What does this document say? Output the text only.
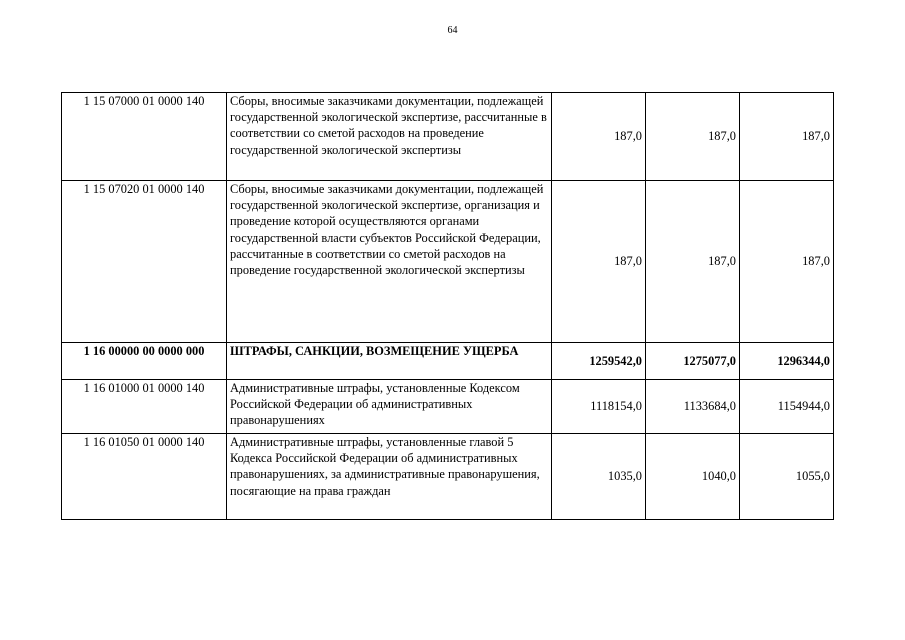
64
1 15 07000 01 0000 140	Сборы, вносимые заказчиками документации, подлежащей государственной экологической экспертизе, рассчитанные в соответствии со сметой расходов на проведение государственной экологической экспертизы	187,0	187,0	187,0
1 15 07020 01 0000 140	Сборы, вносимые заказчиками документации, подлежащей государственной экологической экспертизе, организация и проведение которой осуществляются органами государственной власти субъектов Российской Федерации, рассчитанные в соответствии со сметой расходов на проведение государственной экологической экспертизы	187,0	187,0	187,0
1 16 00000 00 0000 000	ШТРАФЫ, САНКЦИИ, ВОЗМЕЩЕНИЕ УЩЕРБА	1259542,0	1275077,0	1296344,0
1 16 01000 01 0000 140	Административные штрафы, установленные Кодексом Российской Федерации об административных правонарушениях	1118154,0	1133684,0	1154944,0
1 16 01050 01 0000 140	Административные штрафы, установленные главой 5 Кодекса Российской Федерации об административных правонарушениях, за административные правонарушения, посягающие на права граждан	1035,0	1040,0	1055,0
